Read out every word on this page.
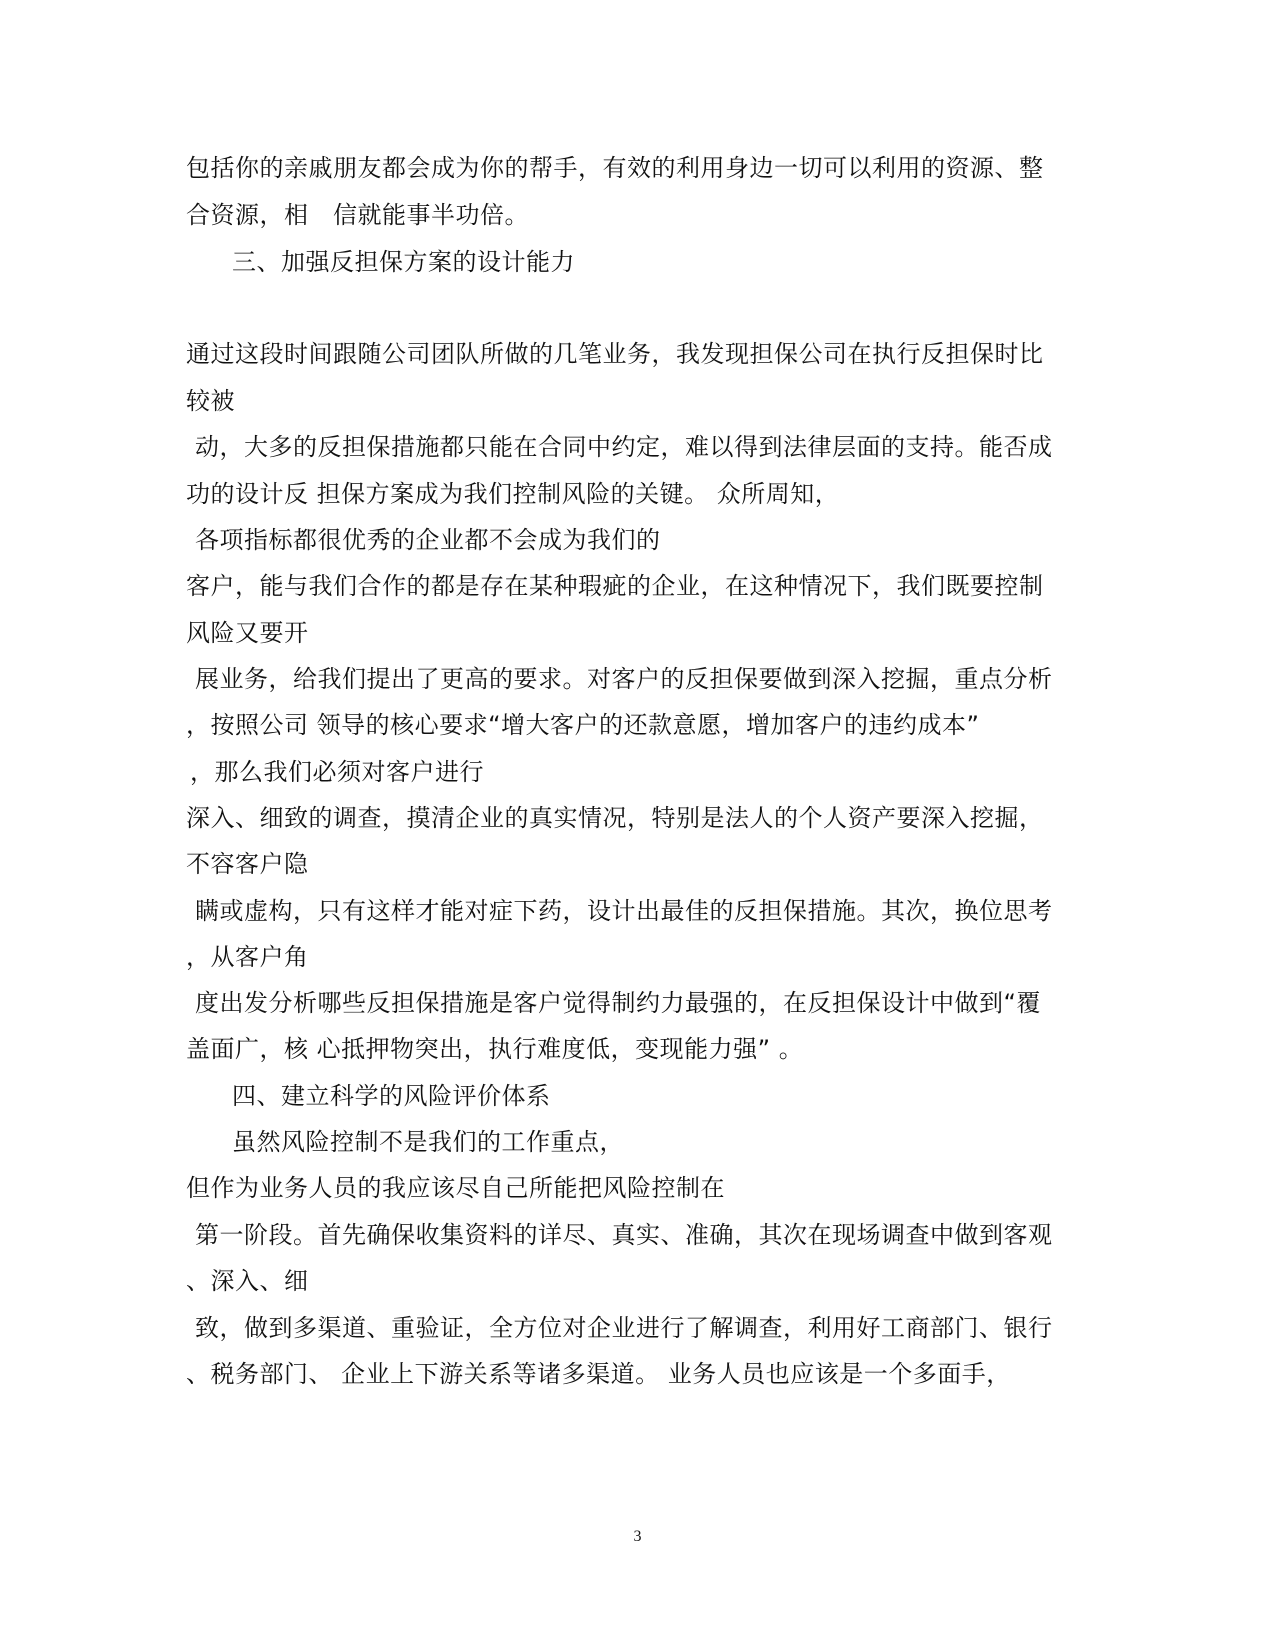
包括你的亲戚朋友都会成为你的帮手，有效的利用身边一切可以利用的资源、整
合资源，相　信就能事半功倍。
三、加强反担保方案的设计能力
通过这段时间跟随公司团队所做的几笔业务，我发现担保公司在执行反担保时比
较被
动，大多的反担保措施都只能在合同中约定，难以得到法律层面的支持。能否成
功的设计反 担保方案成为我们控制风险的关键。 众所周知，
各项指标都很优秀的企业都不会成为我们的
客户，能与我们合作的都是存在某种瑕疵的企业，在这种情况下，我们既要控制
风险又要开
展业务，给我们提出了更高的要求。对客户的反担保要做到深入挖掘，重点分析
，按照公司 领导的核心要求“增大客户的还款意愿，增加客户的违约成本”
，那么我们必须对客户进行
深入、细致的调查，摸清企业的真实情况，特别是法人的个人资产要深入挖掘，
不容客户隐
瞒或虚构，只有这样才能对症下药，设计出最佳的反担保措施。其次，换位思考
，从客户角
度出发分析哪些反担保措施是客户觉得制约力最强的，在反担保设计中做到“覆
盖面广，核 心抵押物突出，执行难度低，变现能力强” 。
四、建立科学的风险评价体系
虽然风险控制不是我们的工作重点，
但作为业务人员的我应该尽自己所能把风险控制在
第一阶段。首先确保收集资料的详尽、真实、准确，其次在现场调查中做到客观
、深入、细
致，做到多渠道、重验证，全方位对企业进行了解调查，利用好工商部门、银行
、税务部门、 企业上下游关系等诸多渠道。 业务人员也应该是一个多面手，
3
